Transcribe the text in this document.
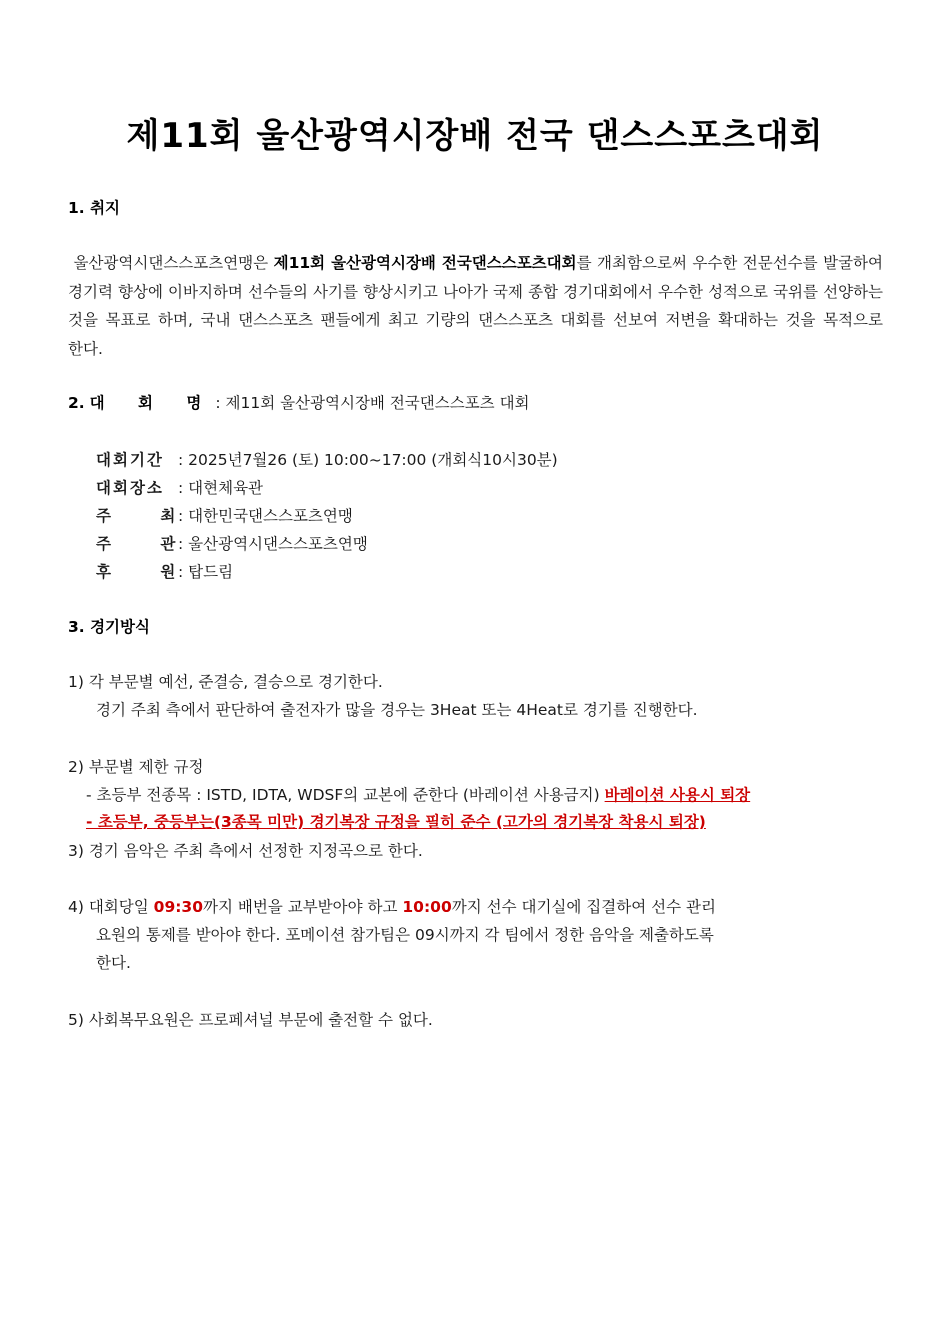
제11회 울산광역시장배 전국 댄스스포츠대회
1. 취지
울산광역시댄스스포츠연맹은 제11회 울산광역시장배 전국댄스스포츠대회를 개최함으로써 우수한 전문선수를 발굴하여 경기력 향상에 이바지하며 선수들의 사기를 향상시키고 나아가 국제 종합 경기대회에서 우수한 성적으로 국위를 선양하는 것을 목표로 하며, 국내 댄스스포츠 팬들에게 최고 기량의 댄스스포츠 대회를 선보여 저변을 확대하는 것을 목적으로 한다.
2. 대 회 명: 제11회 울산광역시장배 전국댄스스포츠 대회
대회기간 : 2025년7월26 (토) 10:00~17:00 (개회식10시30분)
대회장소 : 대현체육관
주 최 : 대한민국댄스스포츠연맹
주 관 : 울산광역시댄스스포츠연맹
후 원 : 탑드림
3. 경기방식
1) 각 부문별 예선, 준결승, 결승으로 경기한다.
경기 주최 측에서 판단하여 출전자가 많을 경우는 3Heat 또는 4Heat로 경기를 진행한다.
2) 부문별 제한 규정
- 초등부 전종목 : ISTD, IDTA, WDSF의 교본에 준한다 (바레이션 사용금지) 바레이션 사용시 퇴장
- 초등부, 중등부는(3종목 미만) 경기복장 규정을 필히 준수 (고가의 경기복장 착용시 퇴장)
3) 경기 음악은 주최 측에서 선정한 지정곡으로 한다.
4) 대회당일 09:30까지 배번을 교부받아야 하고 10:00까지 선수 대기실에 집결하여 선수 관리
요원의 통제를 받아야 한다. 포메이션 참가팀은 09시까지 각 팀에서 정한 음악을 제출하도록
한다.
5) 사회복무요원은 프로페셔널 부문에 출전할 수 없다.
